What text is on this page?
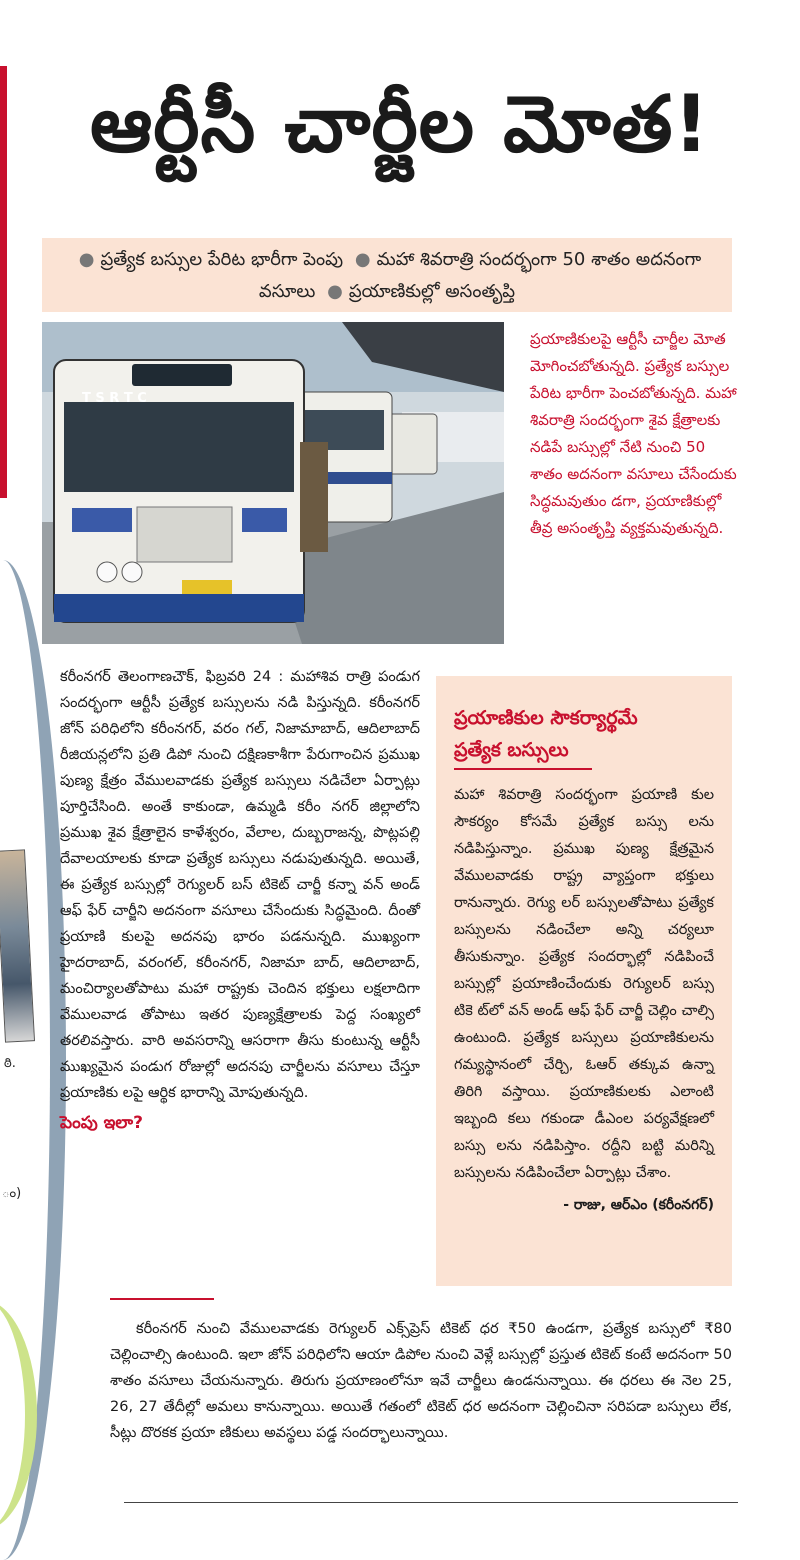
ఠి.
ం)
ఆర్టీసీ చార్జీల మోత!
● ప్రత్యేక బస్సుల పేరిట భారీగా పెంపు ● మహా శివరాత్రి సందర్భంగా 50 శాతం అదనంగా వసూలు ● ప్రయాణికుల్లో అసంతృప్తి
T S R T C
ప్రయాణికులపై ఆర్టీసీ చార్జీల మోత మోగించబోతున్నది. ప్రత్యేక బస్సుల పేరిట భారీగా పెంచబోతున్నది. మహా శివరాత్రి సందర్భంగా శైవ క్షేత్రాలకు నడిపే బస్సుల్లో నేటి నుంచి 50 శాతం అదనంగా వసూలు చేసేందుకు సిద్ధమవుతుం డగా, ప్రయాణికుల్లో తీవ్ర అసంతృప్తి వ్యక్తమవుతున్నది.
కరీంనగర్ తెలంగాణచౌక్, ఫిబ్రవరి 24 : మహాశివ రాత్రి పండుగ సందర్భంగా ఆర్టీసీ ప్రత్యేక బస్సులను నడి పిస్తున్నది. కరీంనగర్ జోన్ పరిధిలోని కరీంనగర్, వరం గల్, నిజామాబాద్, ఆదిలాబాద్ రీజియన్లలోని ప్రతి డిపో నుంచి దక్షిణకాశీగా పేరుగాంచిన ప్రముఖ పుణ్య క్షేత్రం వేములవాడకు ప్రత్యేక బస్సులు నడిచేలా ఏర్పాట్లు పూర్తిచేసింది. అంతే కాకుండా, ఉమ్మడి కరీం నగర్ జిల్లాలోని ప్రముఖ శైవ క్షేత్రాలైన కాళేశ్వరం, వేలాల, దుబ్బరాజన్న, పొట్లపల్లి దేవాలయాలకు కూడా ప్రత్యేక బస్సులు నడుపుతున్నది. అయితే, ఈ ప్రత్యేక బస్సుల్లో రెగ్యులర్ బస్ టికెట్ చార్జీ కన్నా వన్ అండ్ ఆఫ్ ఫేర్ చార్జీని అదనంగా వసూలు చేసేందుకు సిద్ధమైంది. దీంతో ప్రయాణి కులపై అదనపు భారం పడనున్నది. ముఖ్యంగా హైదరాబాద్, వరంగల్, కరీంనగర్, నిజామా బాద్, ఆదిలాబాద్, మంచిర్యాలతోపాటు మహా రాష్ట్రకు చెందిన భక్తులు లక్షలాదిగా వేములవాడ తోపాటు ఇతర పుణ్యక్షేత్రాలకు పెద్ద సంఖ్యలో తరలివస్తారు. వారి అవసరాన్ని ఆసరాగా తీసు కుంటున్న ఆర్టీసీ ముఖ్యమైన పండుగ రోజుల్లో అదనపు చార్జీలను వసూలు చేస్తూ ప్రయాణికు లపై ఆర్థిక భారాన్ని మోపుతున్నది.
పెంపు ఇలా?
ప్రయాణికుల సౌకర్యార్థమే
ప్రత్యేక బస్సులు
మహా శివరాత్రి సందర్భంగా ప్రయాణి కుల సౌకర్యం కోసమే ప్రత్యేక బస్సు లను నడిపిస్తున్నాం. ప్రముఖ పుణ్య క్షేత్రమైన వేములవాడకు రాష్ట్ర వ్యాప్తంగా భక్తులు రానున్నారు. రెగ్యు లర్ బస్సులతోపాటు ప్రత్యేక బస్సులను నడించేలా అన్ని చర్యలూ తీసుకున్నాం. ప్రత్యేక సందర్భాల్లో నడిపించే బస్సుల్లో ప్రయాణించేందుకు రెగ్యులర్ బస్సు టికె ట్‌లో వన్ అండ్ ఆఫ్ ఫేర్ చార్జీ చెల్లిం చాల్సి ఉంటుంది. ప్రత్యేక బస్సులు ప్రయాణికులను గమ్యస్థానంలో చేర్చి, ఓఆర్ తక్కువ ఉన్నా తిరిగి వస్తాయి. ప్రయాణికులకు ఎలాంటి ఇబ్బంది కలు గకుండా డీఎంల పర్యవేక్షణలో బస్సు లను నడిపిస్తాం. రద్దీని బట్టి మరిన్ని బస్సులను నడిపించేలా ఏర్పాట్లు చేశాం.
- రాజు, ఆర్ఎం (కరీంనగర్)
కరీంనగర్ నుంచి వేములవాడకు రెగ్యులర్ ఎక్స్‌ప్రెస్ టికెట్ ధర ₹50 ఉండగా, ప్రత్యేక బస్సులో ₹80 చెల్లించాల్సి ఉంటుంది. ఇలా జోన్ పరిధిలోని ఆయా డిపోల నుంచి వెళ్లే బస్సుల్లో ప్రస్తుత టికెట్ కంటే అదనంగా 50 శాతం వసూలు చేయనున్నారు. తిరుగు ప్రయాణంలోనూ ఇవే చార్జీలు ఉండనున్నాయి. ఈ ధరలు ఈ నెల 25, 26, 27 తేదీల్లో అమలు కానున్నాయి. అయితే గతంలో టికెట్ ధర అదనంగా చెల్లించినా సరిపడా బస్సులు లేక, సీట్లు దొరకక ప్రయా ణికులు అవస్థలు పడ్డ సందర్భాలున్నాయి.
